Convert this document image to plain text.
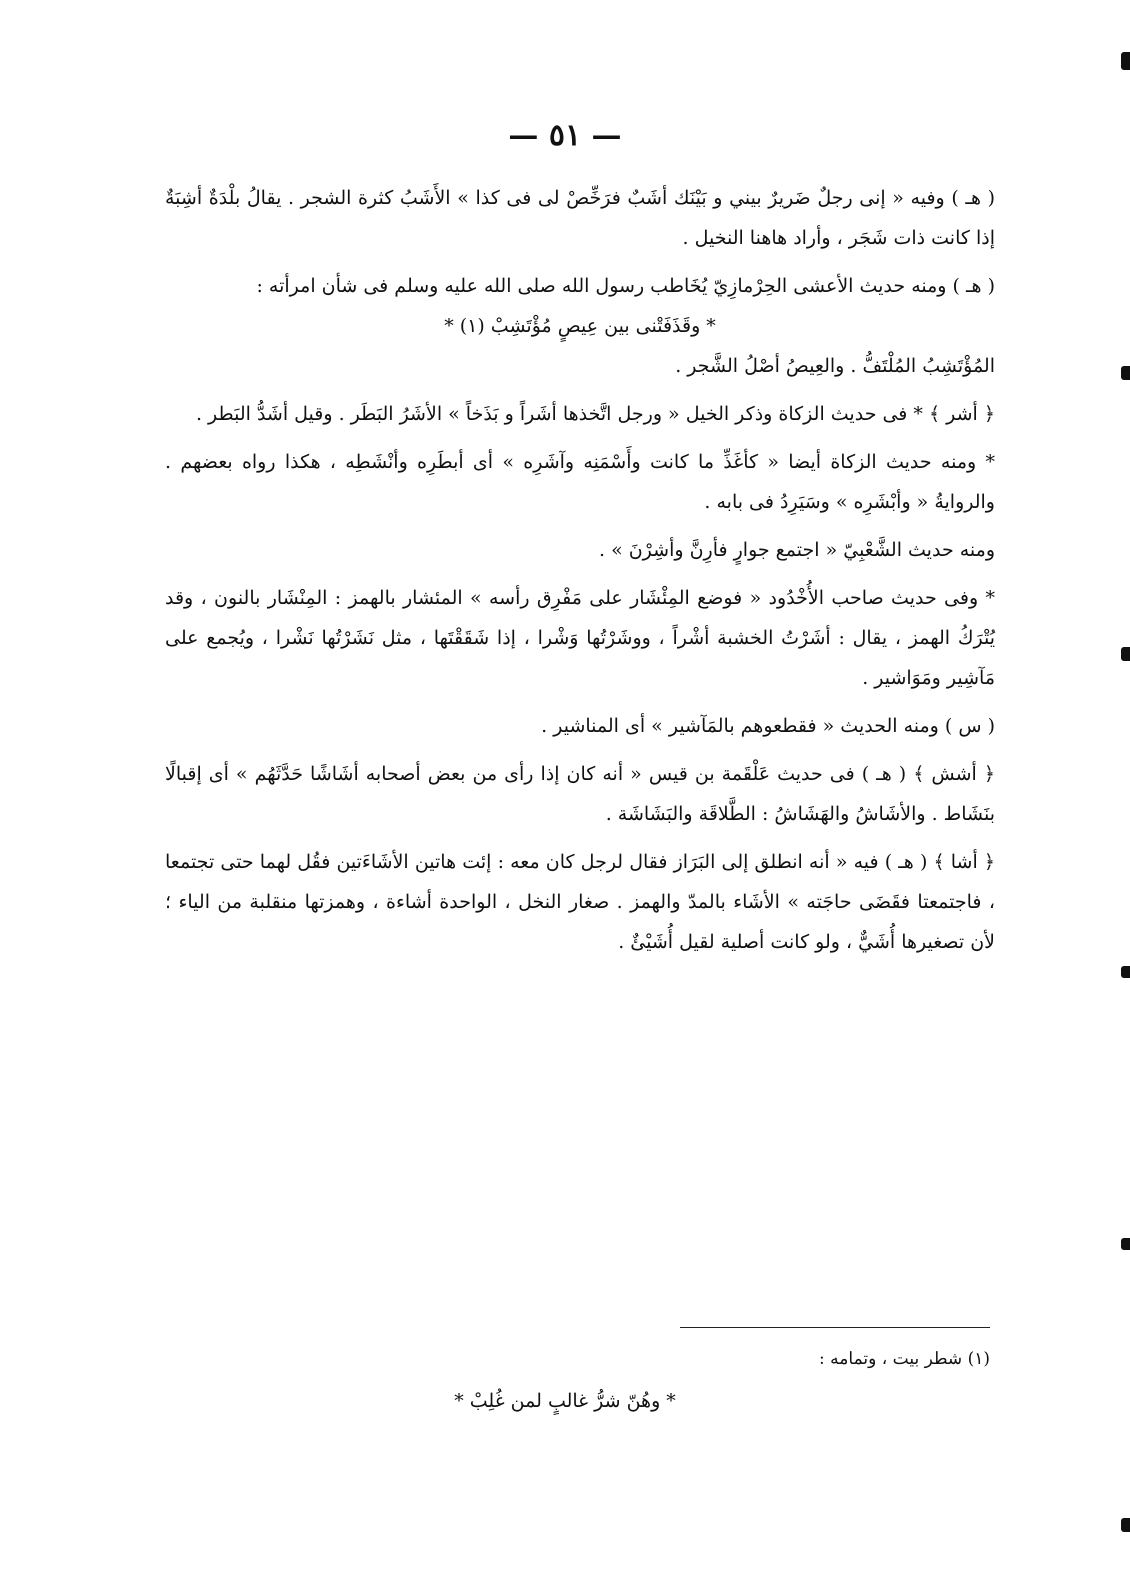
— ٥١ —

( هـ ) وفيه « إنى رجلٌ ضَريرٌ بيني و بَيْنَك أشَبٌ فرَخِّصْ لى فى كذا » الأَشَبُ كثرة الشجر . يقالُ بلْدَةٌ أشِبَةٌ إذا كانت ذات شَجَر ، وأراد هاهنا النخيل .

( هـ ) ومنه حديث الأعشى الحِرْمازِيّ يُخَاطب رسول الله صلى الله عليه وسلم فى شأن امرأته :

* وقَذَفَتْنى بين عِيصٍ مُؤْتَشِبْ (١) *

المُؤْتَشِبُ المُلْتَفُّ . والعِيصُ أصْلُ الشَّجر .

﴿ أشر ﴾ * فى حديث الزكاة وذكر الخيل « ورجل اتَّخذها أشَراً و بَذَخاً » الأشَرُ البَطَر . وقيل أشَدُّ البَطر .

* ومنه حديث الزكاة أيضا « كأغَذِّ ما كانت وأَسْمَنِه وآشَرِه » أى أبطَرِه وأنْشَطِه ، هكذا رواه بعضهم . والروايةُ « وأبْشَرِه » وسَيَرِدُ فى بابه .

ومنه حديث الشَّعْبِيّ « اجتمع جوارٍ فأرِنَّ وأشِرْنَ » .

* وفى حديث صاحب الأُخْدُود « فوضع المِئْشَار على مَفْرِق رأسه » المئشار بالهمز : المِنْشَار بالنون ، وقد يُتْرَكُ الهمز ، يقال : أشَرْتُ الخشبة أشْراً ، ووشَرْتُها وَشْرا ، إذا شَقَقْتَها ، مثل نَشَرْتُها نَشْرا ، ويُجمع على مَآشِير ومَوَاشير .

( س ) ومنه الحديث « فقطعوهم بالمَآشير » أى المناشير .

﴿ أشش ﴾ ( هـ ) فى حديث عَلْقَمة بن قيس « أنه كان إذا رأى من بعض أصحابه أشَاشًا حَدَّثَهُم » أى إقبالًا بنَشَاط . والأشَاشُ والهَشَاشُ : الطَّلاقَة والبَشَاشَة .

﴿ أشا ﴾ ( هـ ) فيه « أنه انطلق إلى البَرَاز فقال لرجل كان معه : إئت هاتين الأشَاءَتين فقُل لهما حتى تجتمعا ، فاجتمعتا فقَضَى حاجَته » الأشَاء بالمدّ والهمز . صغار النخل ، الواحدة أشاءة ، وهمزتها منقلبة من الياء ؛ لأن تصغيرها أُشَيٌّ ، ولو كانت أصلية لقيل أُشَيْئٌ .

(١) شطر بيت ، وتمامه :
* وهُنّ شرُّ غالبٍ لمن غُلِبْ *
